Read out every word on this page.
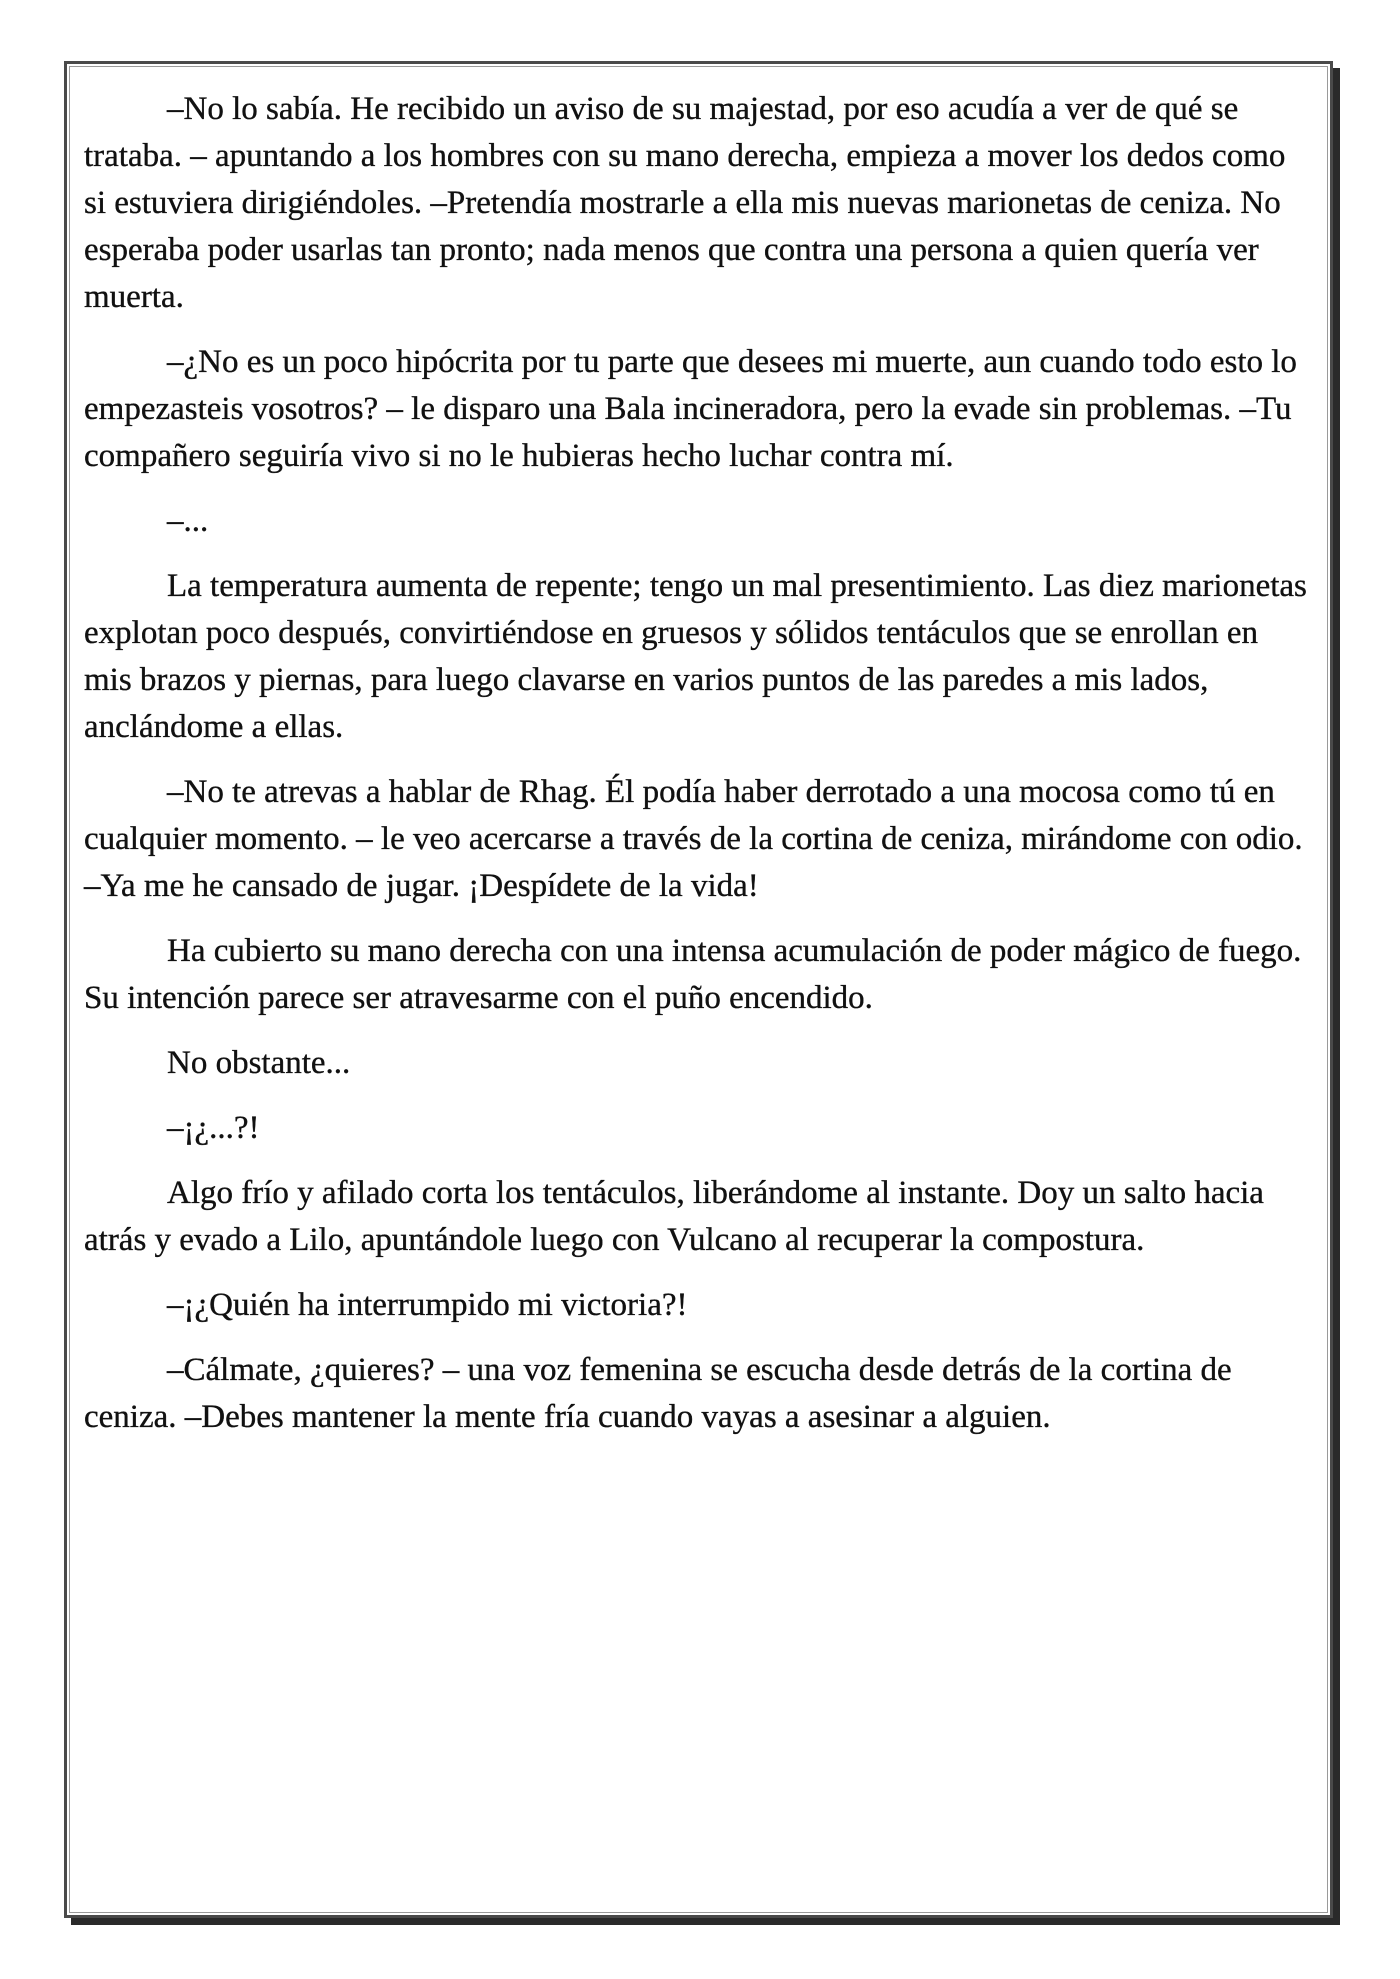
–No lo sabía. He recibido un aviso de su majestad, por eso acudía a ver de qué se trataba. – apuntando a los hombres con su mano derecha, empieza a mover los dedos como si estuviera dirigiéndoles. –Pretendía mostrarle a ella mis nuevas marionetas de ceniza. No esperaba poder usarlas tan pronto; nada menos que contra una persona a quien quería ver muerta.

–¿No es un poco hipócrita por tu parte que desees mi muerte, aun cuando todo esto lo empezasteis vosotros? – le disparo una Bala incineradora, pero la evade sin problemas. –Tu compañero seguiría vivo si no le hubieras hecho luchar contra mí.

–...

La temperatura aumenta de repente; tengo un mal presentimiento. Las diez marionetas explotan poco después, convirtiéndose en gruesos y sólidos tentáculos que se enrollan en mis brazos y piernas, para luego clavarse en varios puntos de las paredes a mis lados, anclándome a ellas.

–No te atrevas a hablar de Rhag. Él podía haber derrotado a una mocosa como tú en cualquier momento. – le veo acercarse a través de la cortina de ceniza, mirándome con odio. –Ya me he cansado de jugar. ¡Despídete de la vida!

Ha cubierto su mano derecha con una intensa acumulación de poder mágico de fuego. Su intención parece ser atravesarme con el puño encendido.

No obstante...

–¡¿...?!

Algo frío y afilado corta los tentáculos, liberándome al instante. Doy un salto hacia atrás y evado a Lilo, apuntándole luego con Vulcano al recuperar la compostura.

–¡¿Quién ha interrumpido mi victoria?!

–Cálmate, ¿quieres? – una voz femenina se escucha desde detrás de la cortina de ceniza. –Debes mantener la mente fría cuando vayas a asesinar a alguien.
